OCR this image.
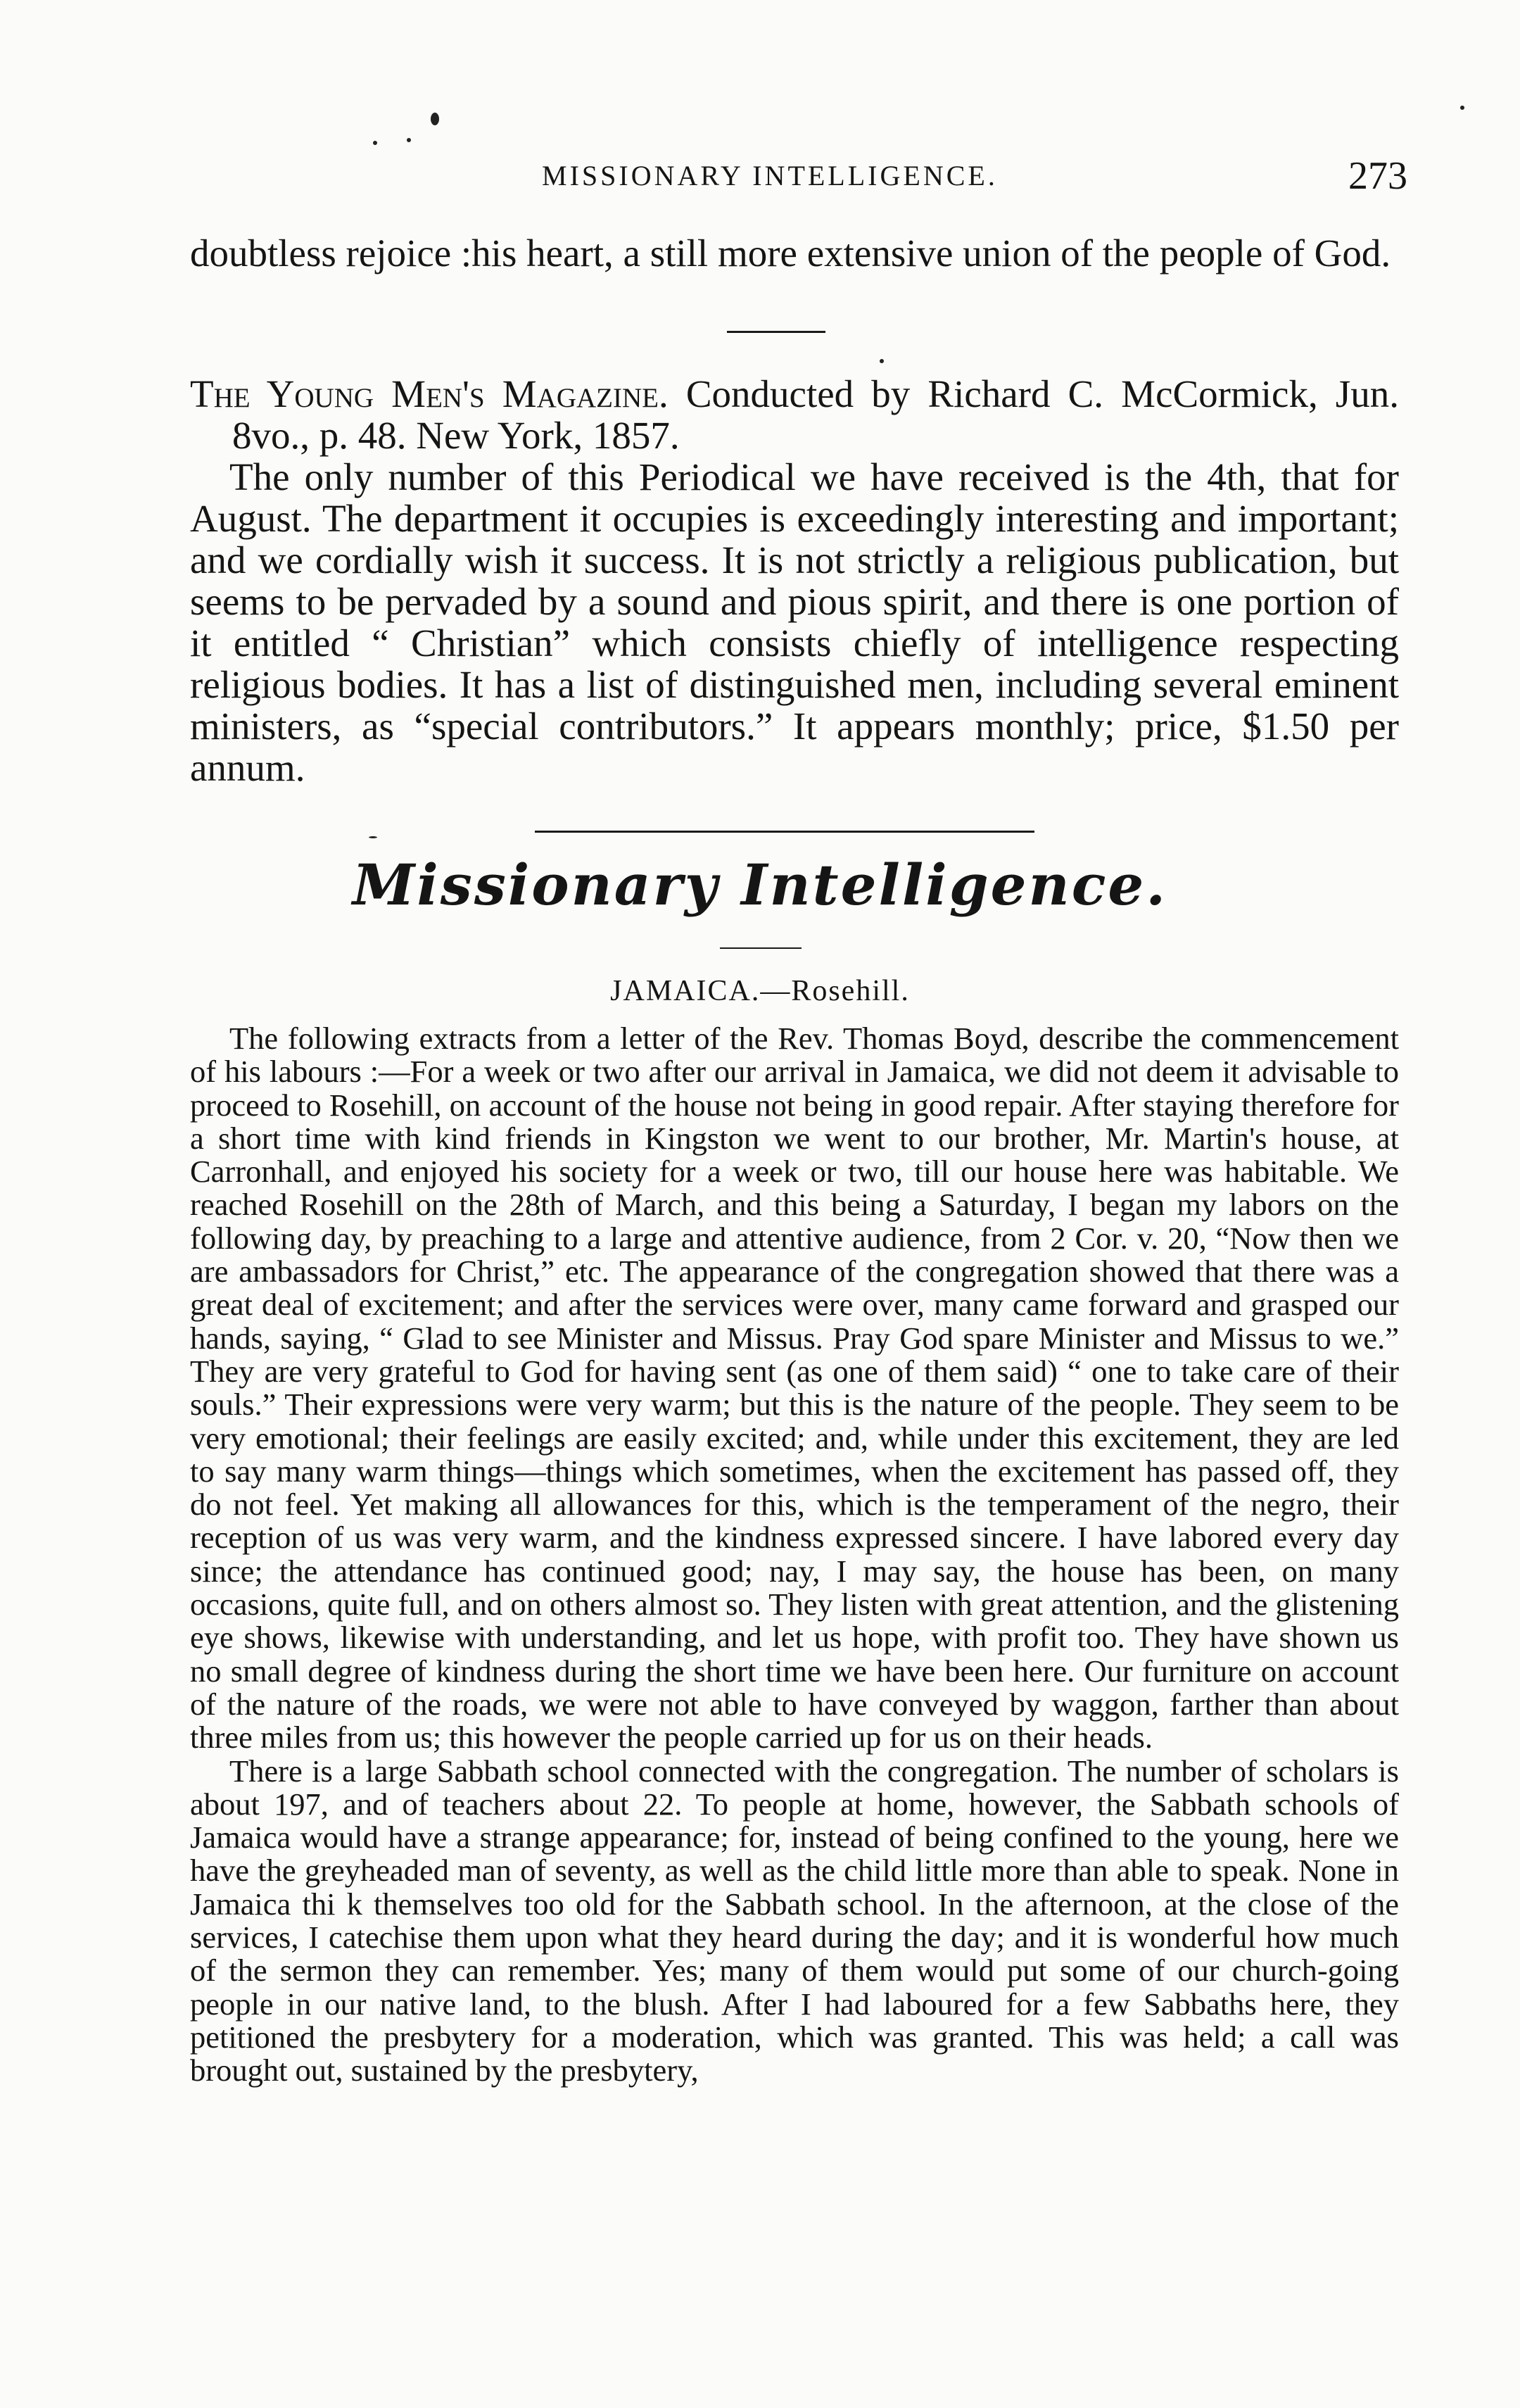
MISSIONARY INTELLIGENCE.	273

doubtless rejoice :his heart, a still more extensive union of the people of God.

The Young Men's Magazine. Conducted by Richard C. McCormick, Jun. 8vo., p. 48. New York, 1857.

The only number of this Periodical we have received is the 4th, that for August. The department it occupies is exceedingly interesting and important; and we cordially wish it success. It is not strictly a religious publication, but seems to be pervaded by a sound and pious spirit, and there is one portion of it entitled “ Christian” which consists chiefly of intelligence respecting religious bodies. It has a list of distinguished men, including several eminent ministers, as “special contributors.” It appears monthly; price, $1.50 per annum.

Missionary Intelligence.
JAMAICA.—Rosehill.

The following extracts from a letter of the Rev. Thomas Boyd, describe the commencement of his labours :—For a week or two after our arrival in Jamaica, we did not deem it advisable to proceed to Rosehill, on account of the house not being in good repair. After staying therefore for a short time with kind friends in Kingston we went to our brother, Mr. Martin's house, at Carronhall, and enjoyed his society for a week or two, till our house here was habitable. We reached Rosehill on the 28th of March, and this being a Saturday, I began my labors on the following day, by preaching to a large and attentive audience, from 2 Cor. v. 20, “Now then we are ambassadors for Christ,” etc. The appearance of the congregation showed that there was a great deal of excitement; and after the services were over, many came forward and grasped our hands, saying, “ Glad to see Minister and Missus. Pray God spare Minister and Missus to we.” They are very grateful to God for having sent (as one of them said) “ one to take care of their souls.” Their expressions were very warm; but this is the nature of the people. They seem to be very emotional; their feelings are easily excited; and, while under this excitement, they are led to say many warm things—things which sometimes, when the excitement has passed off, they do not feel. Yet making all allowances for this, which is the temperament of the negro, their reception of us was very warm, and the kindness expressed sincere. I have labored every day since; the attendance has continued good; nay, I may say, the house has been, on many occasions, quite full, and on others almost so. They listen with great attention, and the glistening eye shows, likewise with understanding, and let us hope, with profit too. They have shown us no small degree of kindness during the short time we have been here. Our furniture on account of the nature of the roads, we were not able to have conveyed by waggon, farther than about three miles from us; this however the people carried up for us on their heads.

There is a large Sabbath school connected with the congregation. The number of scholars is about 197, and of teachers about 22. To people at home, however, the Sabbath schools of Jamaica would have a strange appearance; for, instead of being confined to the young, here we have the greyheaded man of seventy, as well as the child little more than able to speak. None in Jamaica thi k themselves too old for the Sabbath school. In the afternoon, at the close of the services, I catechise them upon what they heard during the day; and it is wonderful how much of the sermon they can remember. Yes; many of them would put some of our church-going people in our native land, to the blush. After I had laboured for a few Sabbaths here, they petitioned the presbytery for a moderation, which was granted. This was held; a call was brought out, sustained by the presbytery,
